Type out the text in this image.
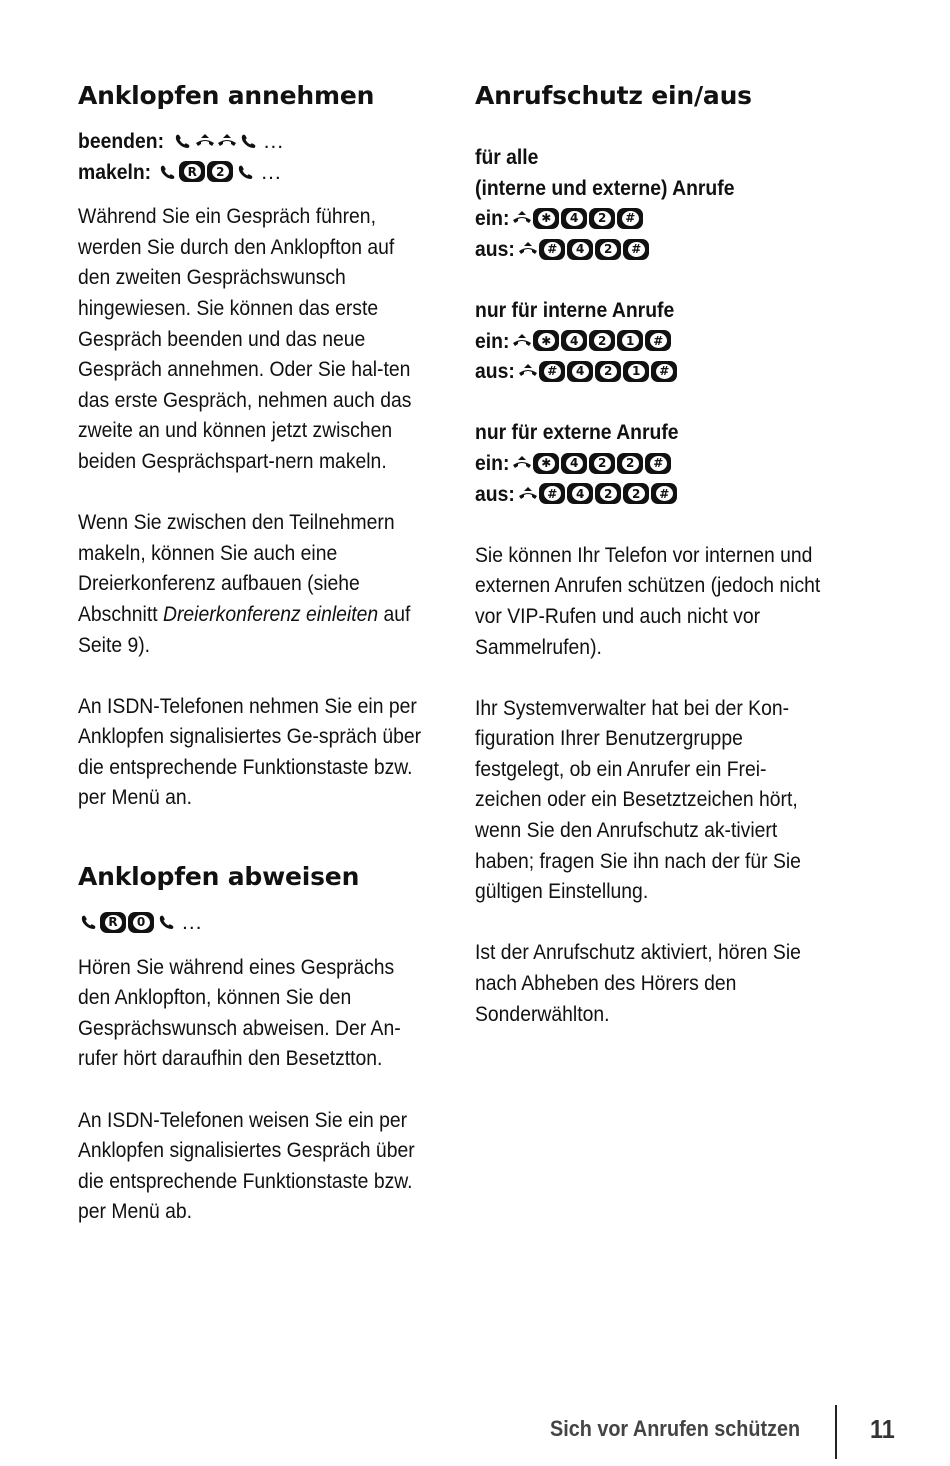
Anklopfen annehmen
beenden:	…
makeln:	R	2 …
Während Sie ein Gespräch führen, werden Sie durch den Anklopfton auf den zweiten Gesprächswunsch hingewiesen. Sie können das erste Gespräch beenden und das neue Gespräch annehmen. Oder Sie hal-ten das erste Gespräch, nehmen auch das zweite an und können jetzt zwischen beiden Gesprächspart-nern makeln.
Wenn Sie zwischen den Teilnehmern makeln, können Sie auch eine Dreierkonferenz aufbauen (siehe Abschnitt Dreierkonferenz einleiten auf Seite 9).
An ISDN-Telefonen nehmen Sie ein per Anklopfen signalisiertes Ge-spräch über die entsprechende Funktionstaste bzw. per Menü an.
Anklopfen abweisen
R	0 …
Hören Sie während eines Gesprächs den Anklopfton, können Sie den Gesprächswunsch abweisen. Der An-rufer hört daraufhin den Besetztton.
An ISDN-Telefonen weisen Sie ein per Anklopfen signalisiertes Gespräch über die entsprechende Funktionstaste bzw. per Menü ab.
Anrufschutz ein/aus
für alle
(interne und externe) Anrufe
ein:	✱	4	2	#
aus:	#	4	2	#
nur für interne Anrufe
ein:	✱	4	2	1	#
aus:	#	4	2	1	#
nur für externe Anrufe
ein:	✱	4	2	2	#
aus:	#	4	2	2	#
Sie können Ihr Telefon vor internen und externen Anrufen schützen (jedoch nicht vor VIP-Rufen und auch nicht vor Sammelrufen).
Ihr Systemverwalter hat bei der Kon-figuration Ihrer Benutzergruppe festgelegt, ob ein Anrufer ein Frei-zeichen oder ein Besetztzeichen hört, wenn Sie den Anrufschutz ak-tiviert haben; fragen Sie ihn nach der für Sie gültigen Einstellung.
Ist der Anrufschutz aktiviert, hören Sie nach Abheben des Hörers den Sonderwählton.
Sich vor Anrufen schützen	11
